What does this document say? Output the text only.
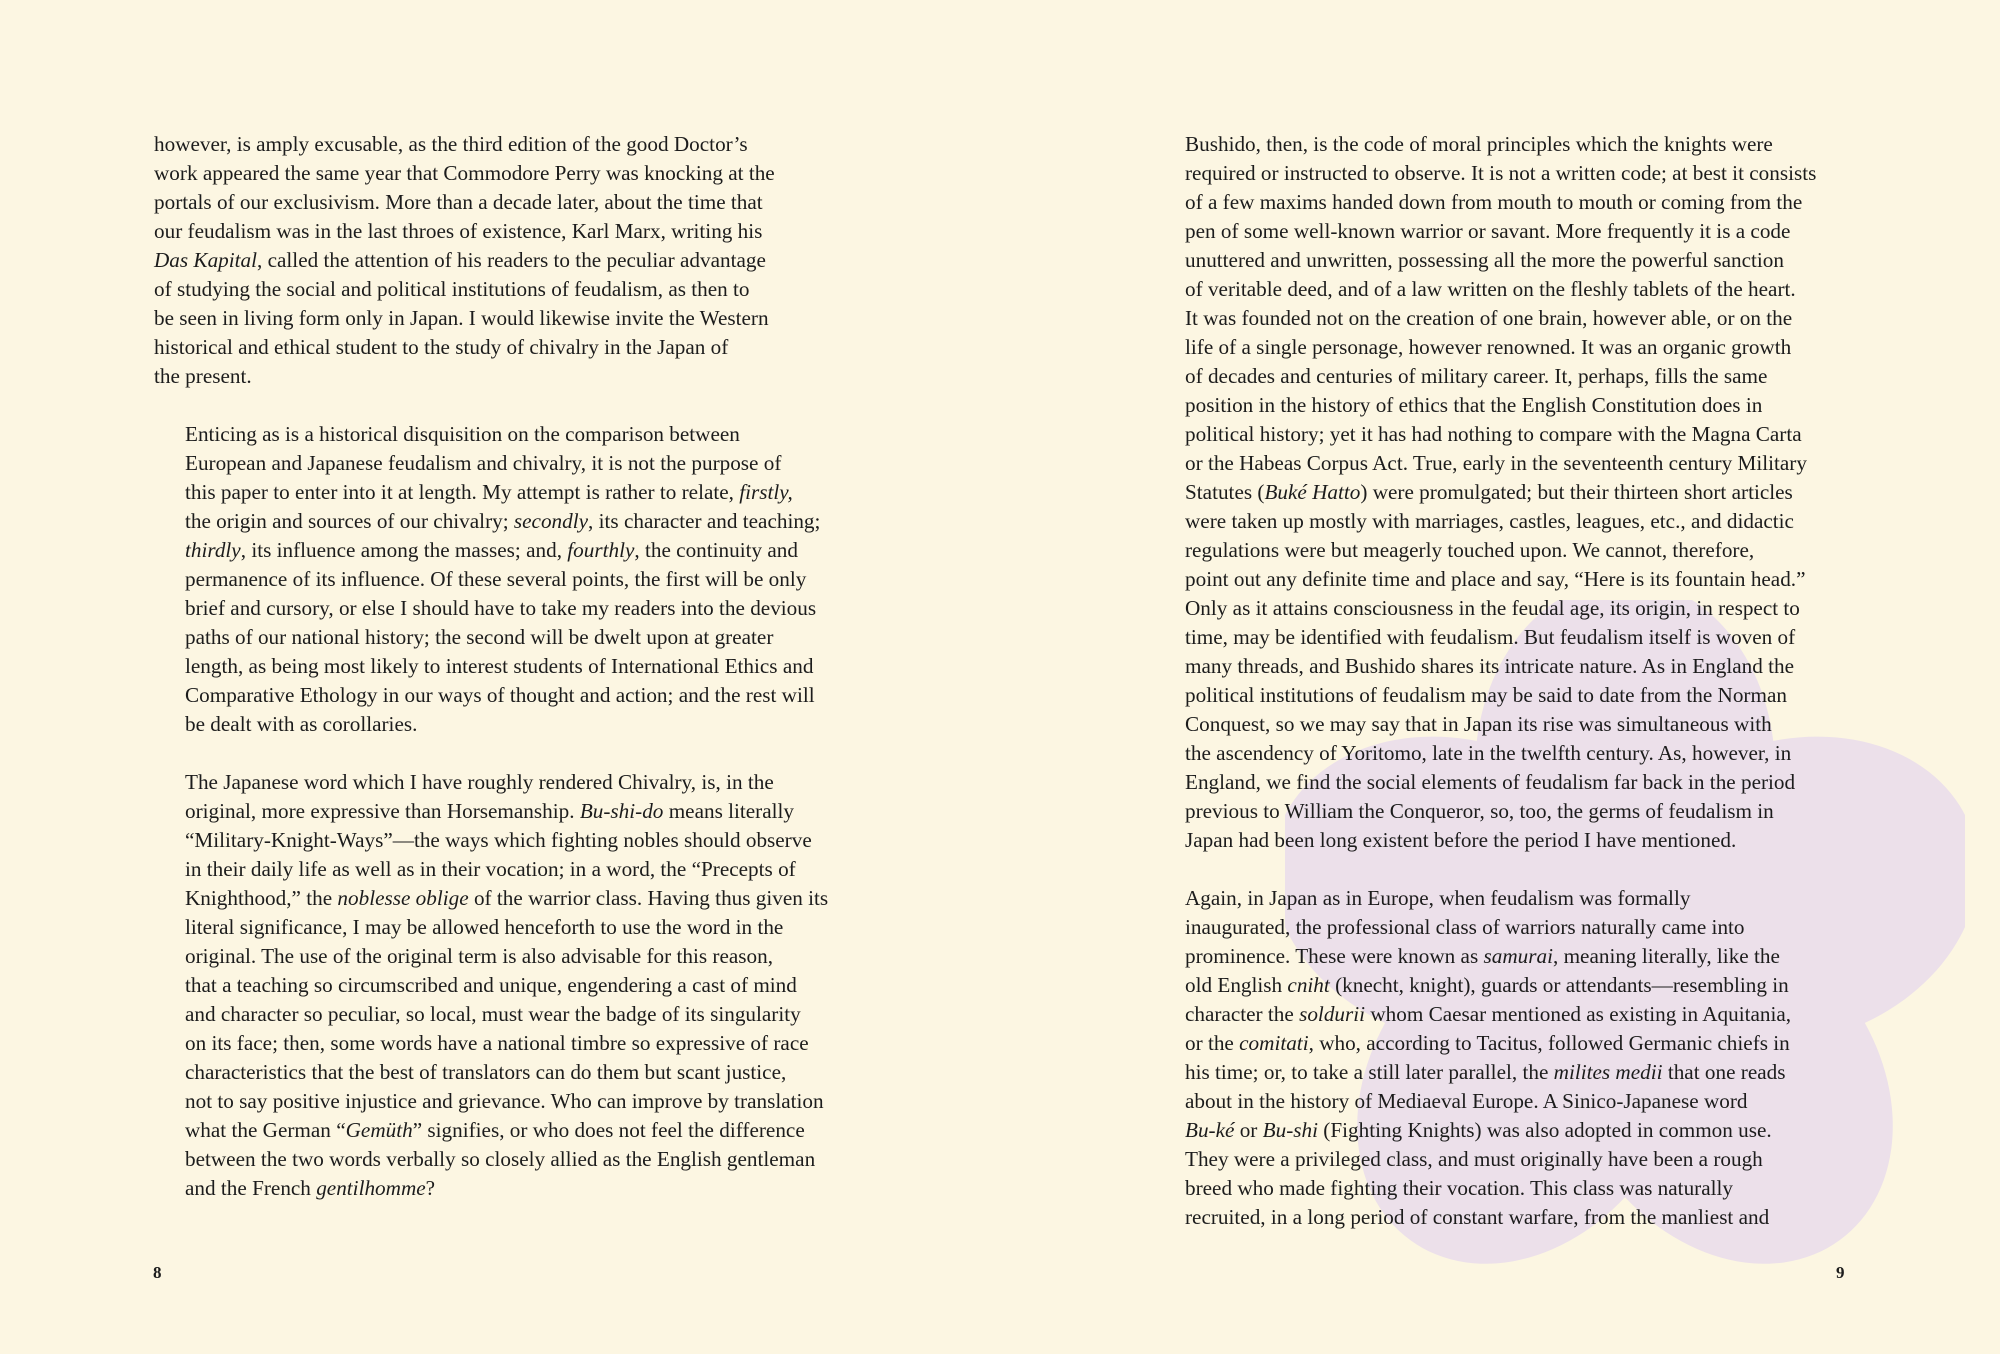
however, is amply excusable, as the third edition of the good Doctor’s
work appeared the same year that Commodore Perry was knocking at the
portals of our exclusivism. More than a decade later, about the time that
our feudalism was in the last throes of existence, Karl Marx, writing his
Das Kapital, called the attention of his readers to the peculiar advantage
of studying the social and political institutions of feudalism, as then to
be seen in living form only in Japan. I would likewise invite the Western
historical and ethical student to the study of chivalry in the Japan of
the present.

Enticing as is a historical disquisition on the comparison between
European and Japanese feudalism and chivalry, it is not the purpose of
this paper to enter into it at length. My attempt is rather to relate, firstly,
the origin and sources of our chivalry; secondly, its character and teaching;
thirdly, its influence among the masses; and, fourthly, the continuity and
permanence of its influence. Of these several points, the first will be only
brief and cursory, or else I should have to take my readers into the devious
paths of our national history; the second will be dwelt upon at greater
length, as being most likely to interest students of International Ethics and
Comparative Ethology in our ways of thought and action; and the rest will
be dealt with as corollaries.

The Japanese word which I have roughly rendered Chivalry, is, in the
original, more expressive than Horsemanship. Bu-shi-do means literally
“Military-Knight-Ways”—the ways which fighting nobles should observe
in their daily life as well as in their vocation; in a word, the “Precepts of
Knighthood,” the noblesse oblige of the warrior class. Having thus given its
literal significance, I may be allowed henceforth to use the word in the
original. The use of the original term is also advisable for this reason,
that a teaching so circumscribed and unique, engendering a cast of mind
and character so peculiar, so local, must wear the badge of its singularity
on its face; then, some words have a national timbre so expressive of race
characteristics that the best of translators can do them but scant justice,
not to say positive injustice and grievance. Who can improve by translation
what the German “Gemüth” signifies, or who does not feel the difference
between the two words verbally so closely allied as the English gentleman
and the French gentilhomme?

8

Bushido, then, is the code of moral principles which the knights were
required or instructed to observe. It is not a written code; at best it consists
of a few maxims handed down from mouth to mouth or coming from the
pen of some well-known warrior or savant. More frequently it is a code
unuttered and unwritten, possessing all the more the powerful sanction
of veritable deed, and of a law written on the fleshly tablets of the heart.
It was founded not on the creation of one brain, however able, or on the
life of a single personage, however renowned. It was an organic growth
of decades and centuries of military career. It, perhaps, fills the same
position in the history of ethics that the English Constitution does in
political history; yet it has had nothing to compare with the Magna Carta
or the Habeas Corpus Act. True, early in the seventeenth century Military
Statutes (Buké Hatto) were promulgated; but their thirteen short articles
were taken up mostly with marriages, castles, leagues, etc., and didactic
regulations were but meagerly touched upon. We cannot, therefore,
point out any definite time and place and say, “Here is its fountain head.”
Only as it attains consciousness in the feudal age, its origin, in respect to
time, may be identified with feudalism. But feudalism itself is woven of
many threads, and Bushido shares its intricate nature. As in England the
political institutions of feudalism may be said to date from the Norman
Conquest, so we may say that in Japan its rise was simultaneous with
the ascendency of Yoritomo, late in the twelfth century. As, however, in
England, we find the social elements of feudalism far back in the period
previous to William the Conqueror, so, too, the germs of feudalism in
Japan had been long existent before the period I have mentioned.

Again, in Japan as in Europe, when feudalism was formally
inaugurated, the professional class of warriors naturally came into
prominence. These were known as samurai, meaning literally, like the
old English cniht (knecht, knight), guards or attendants—resembling in
character the soldurii whom Caesar mentioned as existing in Aquitania,
or the comitati, who, according to Tacitus, followed Germanic chiefs in
his time; or, to take a still later parallel, the milites medii that one reads
about in the history of Mediaeval Europe. A Sinico-Japanese word
Bu-ké or Bu-shi (Fighting Knights) was also adopted in common use.
They were a privileged class, and must originally have been a rough
breed who made fighting their vocation. This class was naturally
recruited, in a long period of constant warfare, from the manliest and

9
